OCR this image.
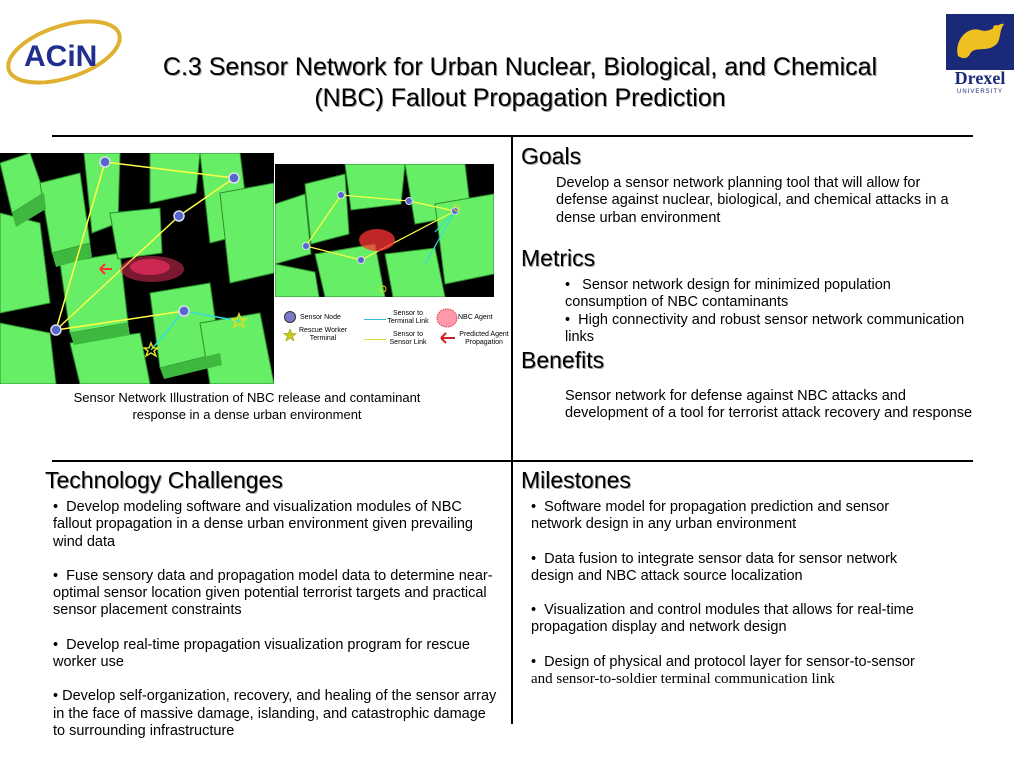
ACiN
Drexel
UNIVERSITY
C.3 Sensor Network for Urban Nuclear, Biological, and Chemical
(NBC) Fallout Propagation Prediction
Sensor Node
Rescue Worker Terminal
Sensor to Terminal Link
Sensor to Sensor Link
NBC Agent
Predicted Agent Propagation
Sensor Network Illustration of NBC release and contaminant response in a dense urban environment
Goals
Develop a sensor network planning tool that will allow for defense against nuclear, biological, and chemical attacks in a dense urban environment
Metrics
•   Sensor network design for minimized population consumption of NBC contaminants
•  High connectivity and robust sensor network communication links
Benefits
Sensor network for defense against NBC attacks and development of a tool for terrorist attack recovery and response
Technology Challenges
•  Develop modeling software and visualization modules of NBC fallout propagation in a dense urban environment given prevailing wind data
•  Fuse sensory data and propagation model data to determine near-optimal sensor location given potential terrorist targets and practical sensor placement constraints
•  Develop real-time propagation visualization program for rescue worker use
• Develop self-organization, recovery, and healing of the sensor array in the face of massive damage, islanding, and catastrophic damage to surrounding infrastructure
Milestones
•  Software model for propagation prediction and sensor network design in any urban environment
•  Data fusion to integrate sensor data for sensor network design and NBC attack source localization
•  Visualization and control modules that allows for real-time propagation display and network design
•  Design of physical and protocol layer for sensor-to-sensor and sensor-to-soldier terminal communication link
